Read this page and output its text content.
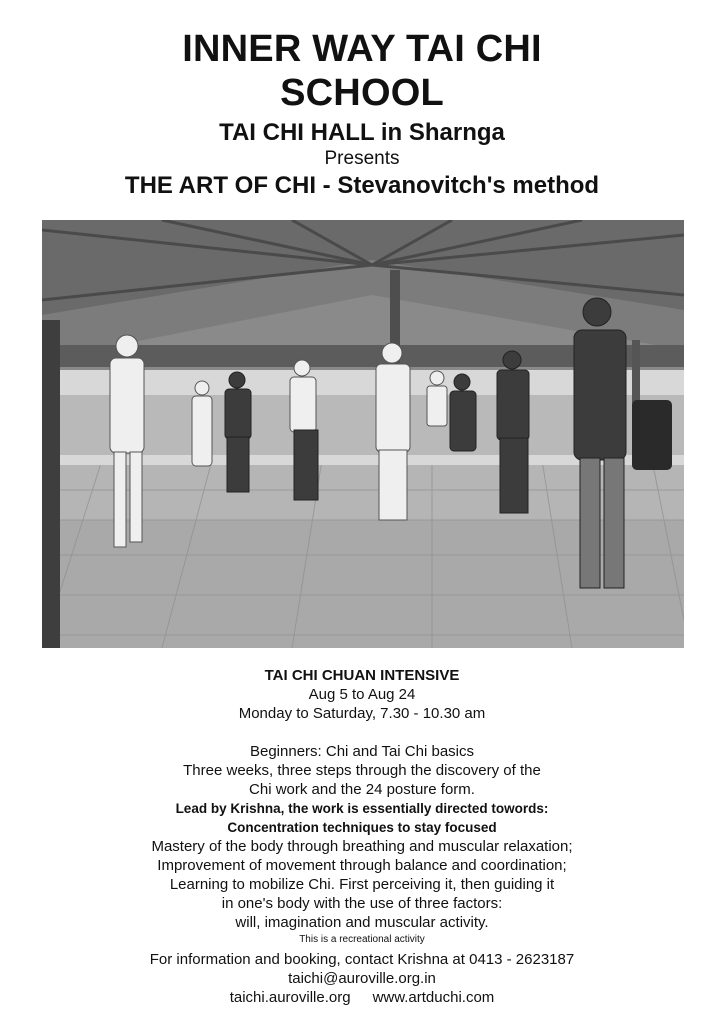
INNER WAY TAI CHI
SCHOOL
TAI CHI HALL in Sharnga
Presents
THE ART OF CHI - Stevanovitch's method
TAI CHI CHUAN INTENSIVE
Aug 5 to Aug 24
Monday to Saturday, 7.30 - 10.30 am
Beginners: Chi and Tai Chi basics
Three weeks, three steps through the discovery of the
Chi work and the 24 posture form.
Lead by Krishna, the work is essentially directed towords:
Concentration techniques to stay focused
Mastery of the body through breathing and muscular relaxation;
Improvement of movement through balance and coordination;
Learning to mobilize Chi. First perceiving it, then guiding it
in one's body with the use of three factors:
will, imagination and muscular activity.
This is a recreational activity
For information and booking, contact Krishna at 0413 - 2623187
taichi@auroville.org.in
taichi.auroville.org www.artduchi.com
